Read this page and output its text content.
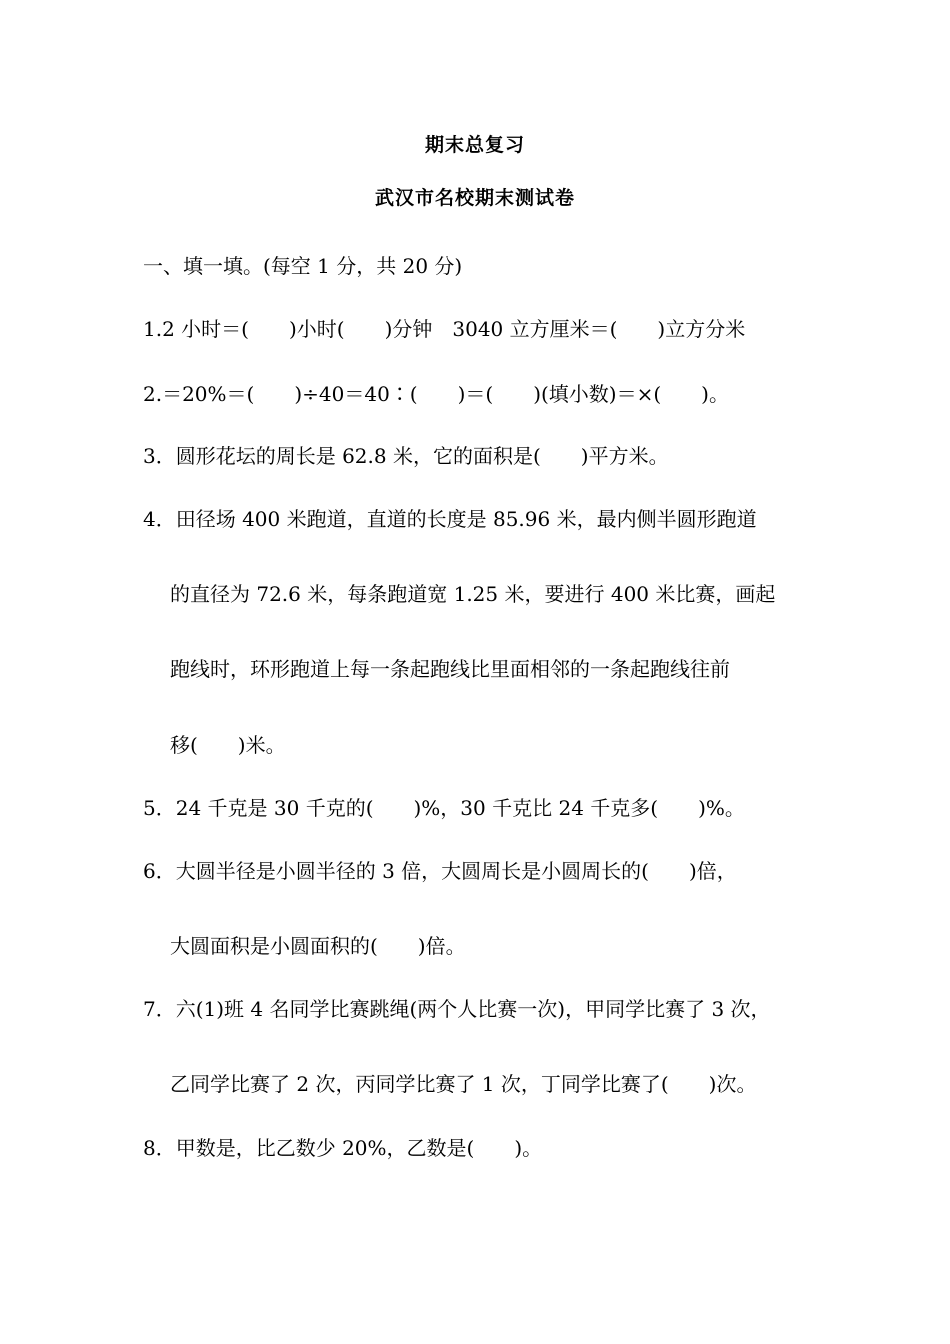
期末总复习
武汉市名校期末测试卷
一、填一填。(每空 1 分，共 20 分)
1.2 小时＝(　　)小时(　　)分钟　3040 立方厘米＝(　　)立方分米
2.＝20%＝(　　)÷40＝40∶(　　)＝(　　)(填小数)＝×(　　)。
3．圆形花坛的周长是 62.8 米，它的面积是(　　)平方米。
4．田径场 400 米跑道，直道的长度是 85.96 米，最内侧半圆形跑道
的直径为 72.6 米，每条跑道宽 1.25 米，要进行 400 米比赛，画起
跑线时，环形跑道上每一条起跑线比里面相邻的一条起跑线往前
移(　　)米。
5．24 千克是 30 千克的(　　)%，30 千克比 24 千克多(　　)%。
6．大圆半径是小圆半径的 3 倍，大圆周长是小圆周长的(　　)倍，
大圆面积是小圆面积的(　　)倍。
7．六(1)班 4 名同学比赛跳绳(两个人比赛一次)，甲同学比赛了 3 次，
乙同学比赛了 2 次，丙同学比赛了 1 次，丁同学比赛了(　　)次。
8．甲数是，比乙数少 20%，乙数是(　　)。
